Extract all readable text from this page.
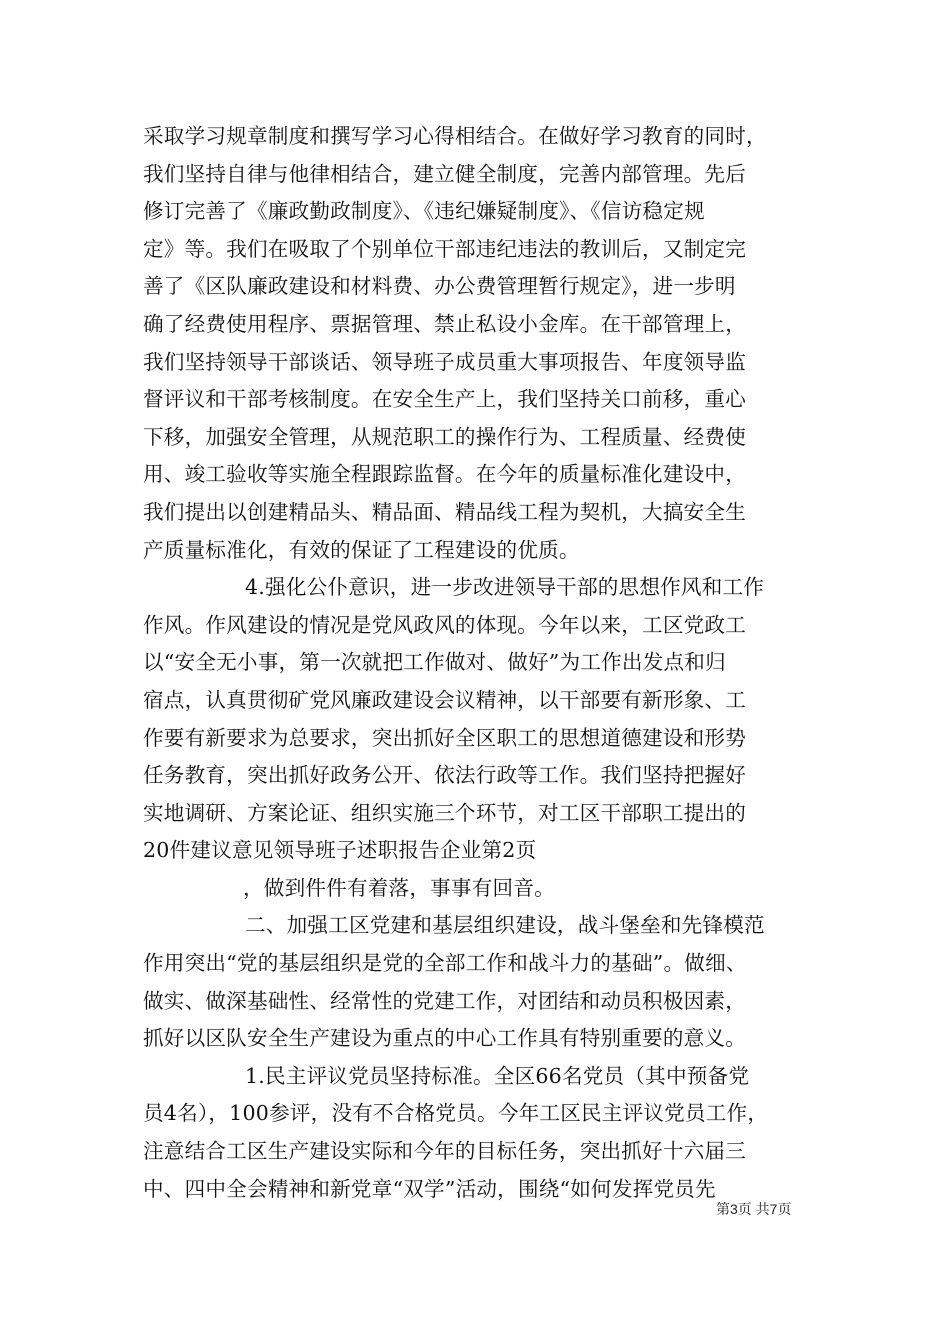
采取学习规章制度和撰写学习心得相结合。在做好学习教育的同时，
我们坚持自律与他律相结合，建立健全制度，完善内部管理。先后
修订完善了《廉政勤政制度》、《违纪嫌疑制度》、《信访稳定规
定》等。我们在吸取了个别单位干部违纪违法的教训后，又制定完
善了《区队廉政建设和材料费、办公费管理暂行规定》，进一步明
确了经费使用程序、票据管理、禁止私设小金库。在干部管理上，
我们坚持领导干部谈话、领导班子成员重大事项报告、年度领导监
督评议和干部考核制度。在安全生产上，我们坚持关口前移，重心
下移，加强安全管理，从规范职工的操作行为、工程质量、经费使
用、竣工验收等实施全程跟踪监督。在今年的质量标准化建设中，
我们提出以创建精品头、精品面、精品线工程为契机，大搞安全生
产质量标准化，有效的保证了工程建设的优质。
4.强化公仆意识，进一步改进领导干部的思想作风和工作
作风。作风建设的情况是党风政风的体现。今年以来，工区党政工
以“安全无小事，第一次就把工作做对、做好”为工作出发点和归
宿点，认真贯彻矿党风廉政建设会议精神，以干部要有新形象、工
作要有新要求为总要求，突出抓好全区职工的思想道德建设和形势
任务教育，突出抓好政务公开、依法行政等工作。我们坚持把握好
实地调研、方案论证、组织实施三个环节，对工区干部职工提出的
20件建议意见领导班子述职报告企业第2页
，做到件件有着落，事事有回音。
二、加强工区党建和基层组织建设，战斗堡垒和先锋模范
作用突出“党的基层组织是党的全部工作和战斗力的基础”。做细、
做实、做深基础性、经常性的党建工作，对团结和动员积极因素，
抓好以区队安全生产建设为重点的中心工作具有特别重要的意义。
1.民主评议党员坚持标准。全区66名党员（其中预备党
员4名），100参评，没有不合格党员。今年工区民主评议党员工作，
注意结合工区生产建设实际和今年的目标任务，突出抓好十六届三
中、四中全会精神和新党章“双学”活动，围绕“如何发挥党员先
第3页 共7页
